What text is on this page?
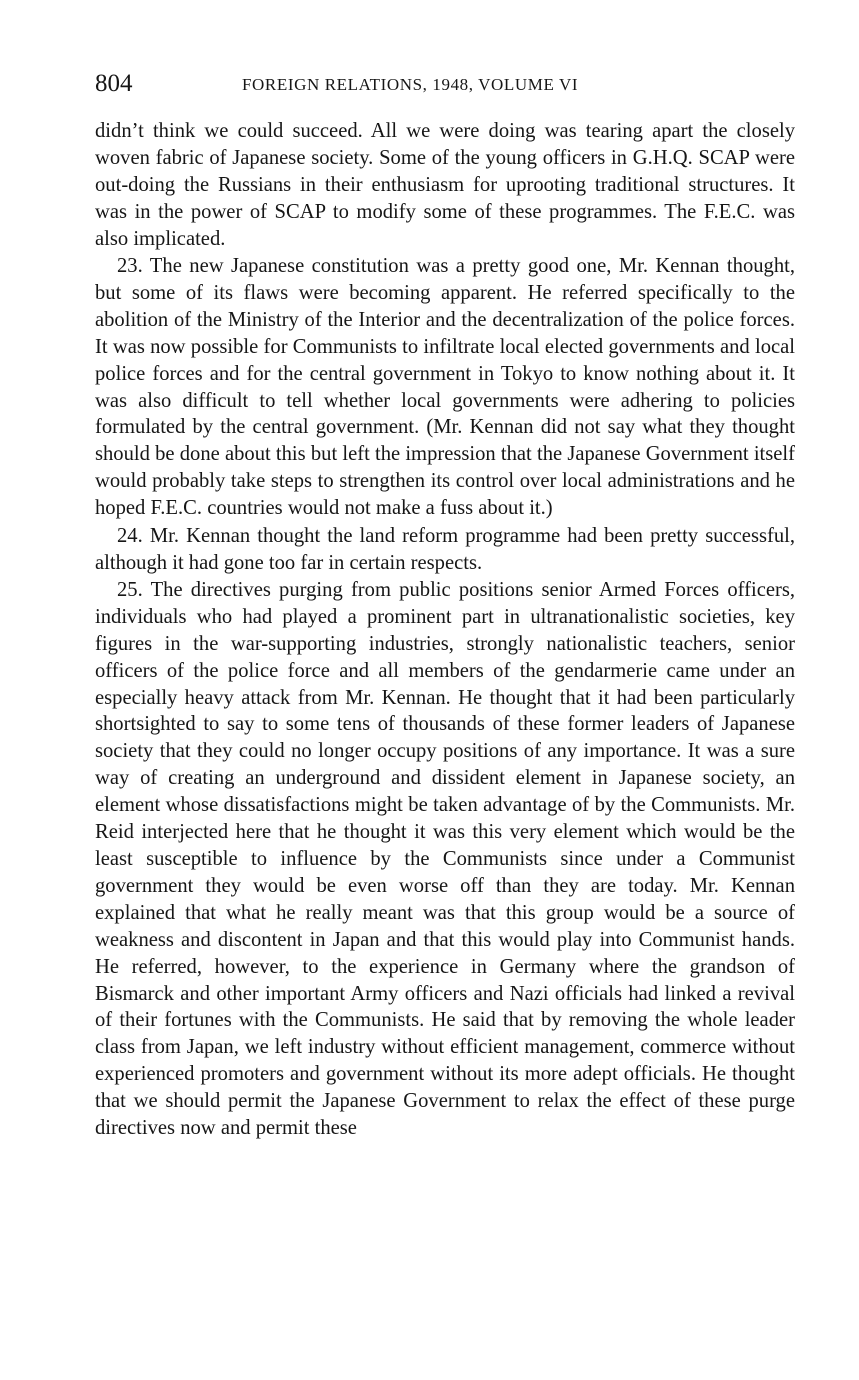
804	FOREIGN RELATIONS, 1948, VOLUME VI

didn’t think we could succeed. All we were doing was tearing apart the closely woven fabric of Japanese society. Some of the young officers in G.H.Q. SCAP were out-doing the Russians in their enthusiasm for uprooting traditional structures. It was in the power of SCAP to modify some of these programmes. The F.E.C. was also implicated.

23. The new Japanese constitution was a pretty good one, Mr. Kennan thought, but some of its flaws were becoming apparent. He referred specifically to the abolition of the Ministry of the Interior and the decentralization of the police forces. It was now possible for Communists to infiltrate local elected governments and local police forces and for the central government in Tokyo to know nothing about it. It was also difficult to tell whether local governments were adhering to policies formulated by the central government. (Mr. Kennan did not say what they thought should be done about this but left the impression that the Japanese Government itself would probably take steps to strengthen its control over local administrations and he hoped F.E.C. countries would not make a fuss about it.)

24. Mr. Kennan thought the land reform programme had been pretty successful, although it had gone too far in certain respects.

25. The directives purging from public positions senior Armed Forces officers, individuals who had played a prominent part in ultranationalistic societies, key figures in the war-supporting industries, strongly nationalistic teachers, senior officers of the police force and all members of the gendarmerie came under an especially heavy attack from Mr. Kennan. He thought that it had been particularly shortsighted to say to some tens of thousands of these former leaders of Japanese society that they could no longer occupy positions of any importance. It was a sure way of creating an underground and dissident element in Japanese society, an element whose dissatisfactions might be taken advantage of by the Communists. Mr. Reid interjected here that he thought it was this very element which would be the least susceptible to influence by the Communists since under a Communist government they would be even worse off than they are today. Mr. Kennan explained that what he really meant was that this group would be a source of weakness and discontent in Japan and that this would play into Communist hands. He referred, however, to the experience in Germany where the grandson of Bismarck and other important Army officers and Nazi officials had linked a revival of their fortunes with the Communists. He said that by removing the whole leader class from Japan, we left industry without efficient management, commerce without experienced promoters and government without its more adept officials. He thought that we should permit the Japanese Government to relax the effect of these purge directives now and permit these
